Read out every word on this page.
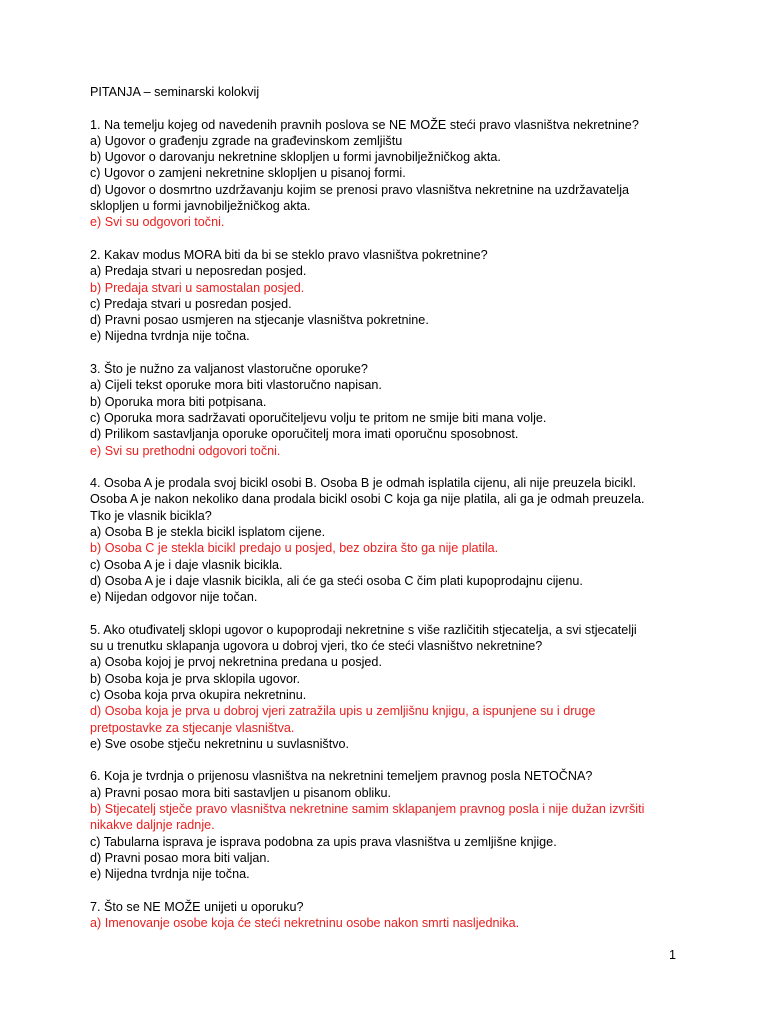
PITANJA – seminarski kolokvij

1. Na temelju kojeg od navedenih pravnih poslova se NE MOŽE steći pravo vlasništva nekretnine?

a) Ugovor o građenju zgrade na građevinskom zemljištu

b) Ugovor o darovanju nekretnine sklopljen u formi javnobilježničkog akta.

c) Ugovor o zamjeni nekretnine sklopljen u pisanoj formi.

d) Ugovor o dosmrtno uzdržavanju kojim se prenosi pravo vlasništva nekretnine na uzdržavatelja

sklopljen u formi javnobilježničkog akta.

e) Svi su odgovori točni.

2. Kakav modus MORA biti da bi se steklo pravo vlasništva pokretnine?

a) Predaja stvari u neposredan posjed.

b) Predaja stvari u samostalan posjed.

c) Predaja stvari u posredan posjed.

d) Pravni posao usmjeren na stjecanje vlasništva pokretnine.

e) Nijedna tvrdnja nije točna.

3. Što je nužno za valjanost vlastoručne oporuke?

a) Cijeli tekst oporuke mora biti vlastoručno napisan.

b) Oporuka mora biti potpisana.

c) Oporuka mora sadržavati oporučiteljevu volju te pritom ne smije biti mana volje.

d) Prilikom sastavljanja oporuke oporučitelj mora imati oporučnu sposobnost.

e) Svi su prethodni odgovori točni.

4. Osoba A je prodala svoj bicikl osobi B. Osoba B je odmah isplatila cijenu, ali nije preuzela bicikl.

Osoba A je nakon nekoliko dana prodala bicikl osobi C koja ga nije platila, ali ga je odmah preuzela.

Tko je vlasnik bicikla?

a) Osoba B je stekla bicikl isplatom cijene.

b) Osoba C je stekla bicikl predajo u posjed, bez obzira što ga nije platila.

c) Osoba A je i daje vlasnik bicikla.

d) Osoba A je i daje vlasnik bicikla, ali će ga steći osoba C čim plati kupoprodajnu cijenu.

e) Nijedan odgovor nije točan.

5. Ako otuđivatelj sklopi ugovor o kupoprodaji nekretnine s više različitih stjecatelja, a svi stjecatelji

su u trenutku sklapanja ugovora u dobroj vjeri, tko će steći vlasništvo nekretnine?

a) Osoba kojoj je prvoj nekretnina predana u posjed.

b) Osoba koja je prva sklopila ugovor.

c) Osoba koja prva okupira nekretninu.

d) Osoba koja je prva u dobroj vjeri zatražila upis u zemljišnu knjigu, a ispunjene su i druge

pretpostavke za stjecanje vlasništva.

e) Sve osobe stječu nekretninu u suvlasništvo.

6. Koja je tvrdnja o prijenosu vlasništva na nekretnini temeljem pravnog posla NETOČNA?

a) Pravni posao mora biti sastavljen u pisanom obliku.

b) Stjecatelj stječe pravo vlasništva nekretnine samim sklapanjem pravnog posla i nije dužan izvršiti

nikakve daljnje radnje.

c) Tabularna isprava je isprava podobna za upis prava vlasništva u zemljišne knjige.

d) Pravni posao mora biti valjan.

e) Nijedna tvrdnja nije točna.

7. Što se NE MOŽE unijeti u oporuku?

a) Imenovanje osobe koja će steći nekretninu osobe nakon smrti nasljednika.

1
